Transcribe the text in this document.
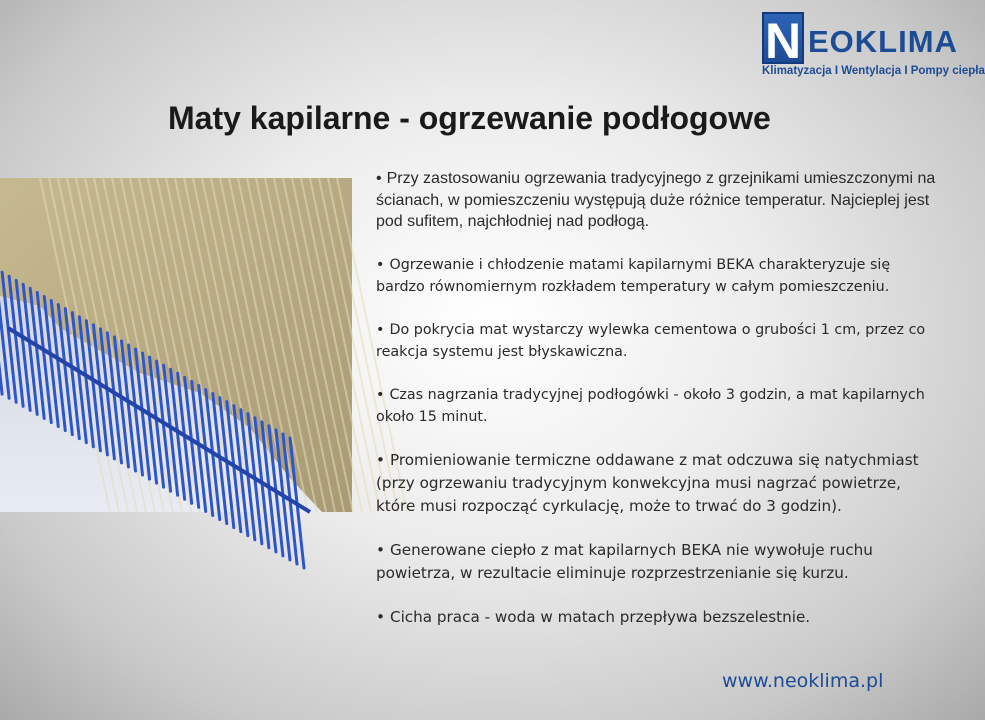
N EOKLIMA
Klimatyzacja I Wentylacja I Pompy ciepła
Maty kapilarne - ogrzewanie podłogowe
• Przy zastosowaniu ogrzewania tradycyjnego z grzejnikami umieszczonymi na ścianach, w pomieszczeniu występują duże różnice temperatur. Najcieplej jest pod sufitem, najchłodniej nad podłogą.
• Ogrzewanie i chłodzenie matami kapilarnymi BEKA charakteryzuje się bardzo równomiernym rozkładem temperatury w całym pomieszczeniu.
• Do pokrycia mat wystarczy wylewka cementowa o grubości 1 cm, przez co reakcja systemu jest błyskawiczna.
• Czas nagrzania tradycyjnej podłogówki - około 3 godzin, a mat kapilarnych około 15 minut.
• Promieniowanie termiczne oddawane z mat odczuwa się natychmiast (przy ogrzewaniu tradycyjnym konwekcyjna musi nagrzać powietrze, które musi rozpocząć cyrkulację, może to trwać do 3 godzin).
• Generowane ciepło z mat kapilarnych BEKA nie wywołuje ruchu powietrza, w rezultacie eliminuje rozprzestrzenianie się kurzu.
• Cicha praca - woda w matach przepływa bezszelestnie.
www.neoklima.pl
